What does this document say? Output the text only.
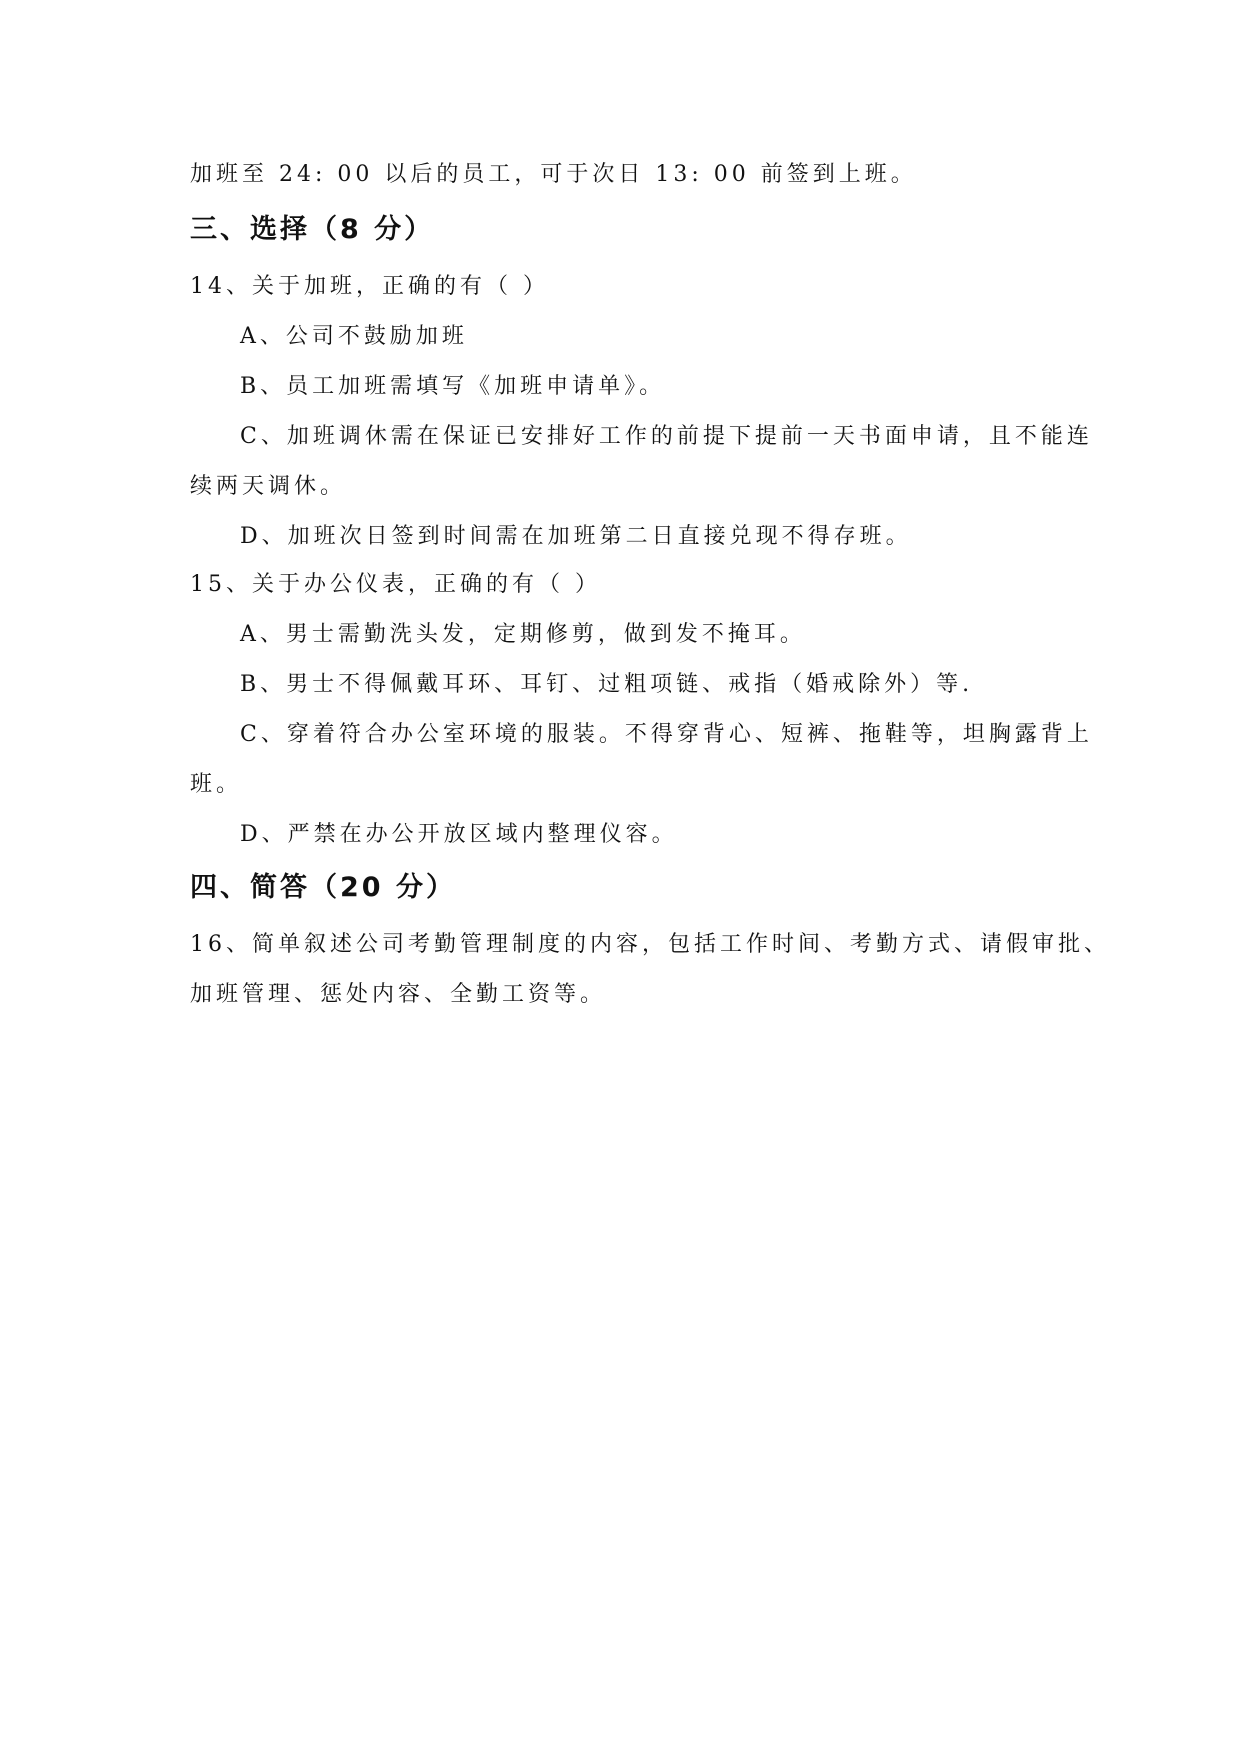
加班至 24: 00 以后的员工，可于次日 13: 00 前签到上班。
三、选择（8 分）
14、关于加班，正确的有（ ）
A、公司不鼓励加班
B、员工加班需填写《加班申请单》。
C、加班调休需在保证已安排好工作的前提下提前一天书面申请，且不能连
续两天调休。
D、加班次日签到时间需在加班第二日直接兑现不得存班。
15、关于办公仪表，正确的有（ ）
A、男士需勤洗头发，定期修剪，做到发不掩耳。
B、男士不得佩戴耳环、耳钉、过粗项链、戒指（婚戒除外）等.
C、穿着符合办公室环境的服装。不得穿背心、短裤、拖鞋等，坦胸露背上
班。
D、严禁在办公开放区域内整理仪容。
四、简答（20 分）
16、简单叙述公司考勤管理制度的内容，包括工作时间、考勤方式、请假审批、
加班管理、惩处内容、全勤工资等。
